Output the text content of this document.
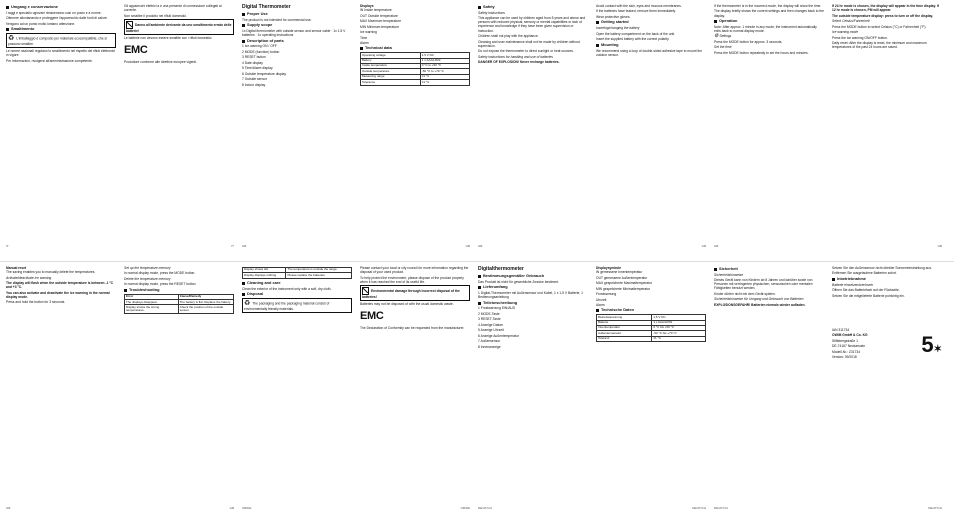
Umgang e conservazione

I raggi e speciallo ogiovani rimaneranno così un posto e a norme.

Ottenere allontanando e proteggere l'apparecchio dalle fonti di calore.

Vengono ad un punto molto lontano attenzione.

Smaltimento
♻ L'imballaggio è composto per materiale ecocompatibile, che si possono smaltire.

Le norme nazionali regolano lo smaltimento nel rispetto dei rifiuti elettronici in vigore.

Per informazioni, rivolgersi all'amministrazione competente.

IT

Gli apparecchi elettrici a e una presente di connessione collegati al corrente.

Non smaltire il prodotto nei rifiuti domestici.

Danno all'ambiente derivante da uno smaltimento errato delle batterie!

Le batterie non devono essere smaltite con i rifiuti domestici.

EMC

Produttore conforme alle direttive europee vigenti.

IT
Digital Thermometer
Proper Use

The product is not intended for commercial use.

Supply scope

1x Digital thermometer with outside sensor and sensor cable · 1x 1.5 V batteries · 1x operating instructions

Description of parts

1 Ice warning ON / OFF

2 MODE (function) button

3 RESET button

4 Date display

5 Time/Alarm display

6 Outside temperature display

7 Outside sensor

8 Indoor display

GB
Displays

IN Inside temperature

OUT Outside temperature

MAX Maximum temperature

MIN Minimum temperature

Ice warning

Time

Alarm

Technical data
Operating voltage	1.5 V DC
Battery	1 x AAA/LR03
Inside temperature	0 °C to +50 °C
Outside temperature	-50 °C to +70 °C
Measuring range	±1 °C
Tolerance	±1 °C
GB
Safety

Safety instructions

This appliance can be used by children aged from 8 years and above and persons with reduced physical, sensory or mental capabilities or lack of experience and knowledge if they have been given supervision or instruction.

Children shall not play with the appliance.

Cleaning and user maintenance shall not be made by children without supervision.

Do not expose the thermometer to direct sunlight or heat sources.

Safety instructions for handling and use of batteries

DANGER OF EXPLOSION! Never recharge batteries.

GB

Avoid contact with the skin, eyes and mucous membranes.

If the batteries have leaked, remove them immediately.

Wear protective gloves.

Getting started

Inserting/changing the battery

Open the battery compartment on the back of the unit.

Insert the supplied battery with the correct polarity.

Mounting

We recommend using a loop of double-sided adhesive tape to mount the outdoor sensor.

GB

If the thermometer is in the incorrect mode, the display will show the time.

The display briefly shows the current settings and then changes back to the display.

Operation

Note: After approx. 1 minute in any mode, the instrument automatically exits back to normal display mode.

⚙ Settings

Press the MODE button for approx. 3 seconds.

Set the time

Press the MODE button repeatedly to set the hours and minutes.

GB

If 24 hr mode is chosen, the display will appear in the time display. If 12 hr mode is chosen, PM will appear.

The outside temperature display: press to turn or off the display.

Select Celsius/Fahrenheit

Press the MODE button to select Celsius (°C) or Fahrenheit (°F).

Ice warning mode

Press the ice warning ON/OFF button.

Daily reset: After the display is reset, the minimum and maximum temperatures of the past 24 hours are saved.

GB
Manual reset

The saving enables you to manually delete the temperatures.

Activate/deactivate ice warning

The display will flash when the outside temperature is between -1 °C and +3 °C.

You can also activate and deactivate the ice warning in the normal display mode.

Press and hold the button for 3 seconds.

GB

Set up the temperature memory

In normal display mode, press the MODE button.

Delete the temperature memory

In normal display mode, press the RESET button.

Troubleshooting
Error	Cause/Remedy
The displays disappear.	The battery is flat. Replace the battery.
Display shows the wrong temperatures.	Check the position of the outside sensor.
GB
Display shows HH	The temperature is outside the range.
Display displays nothing	Please replace the batteries.
Cleaning and care

Clean the exterior of the instrument only with a soft, dry cloth.

Disposal
♻ The packaging and the packaging material consist of environmentally friendly materials.
GB/DE

Please contact your local or city council for more information regarding the disposal of your used product.

To help protect the environment, please dispose of the product properly when it has reached the end of its useful life.

Environmental damage through incorrect disposal of the batteries!

Batteries may not be disposed of with the usual domestic waste.

EMC

The Declaration of Conformity can be requested from the manufacturer.

GB/DE
Digitalthermometer
Bestimmungsgemäßer Gebrauch

Das Produkt ist nicht für gewerbliche Zwecke bestimmt.

Lieferumfang

1 Digital-Thermometer mit Außensensor und Kabel, 1 x 1,5 V Batterie, 1 Bedienungsanleitung

Teilebeschreibung

1 Frostwarnung EIN/AUS

2 MODE-Taste

3 RESET-Taste

4 Anzeige Datum

5 Anzeige Uhrzeit

6 Anzeige Außentemperatur

7 Außensensor

8 Innenanzeige

DE/AT/CH
Displaysymbole

IN gemessene Innentemperatur

OUT gemessene Außentemperatur

MAX gespeicherte Maximaltemperatur

MIN gespeicherte Minimaltemperatur

Frostwarnung

Uhrzeit

Alarm

Technische Daten
Betriebsspannung	1,5 V DC
Batterie	1 x AAA/LR03
Innentemperatur	0 °C bis +50 °C
Außentemperatur	-50 °C bis +70 °C
Toleranz	±1 °C
DE/AT/CH
Sicherheit

Sicherheitshinweise

Dieses Gerät kann von Kindern ab 8 Jahren und darüber sowie von Personen mit verringerten physischen, sensorischen oder mentalen Fähigkeiten benutzt werden.

Kinder dürfen nicht mit dem Gerät spielen.

Sicherheitshinweise für Umgang und Gebrauch von Batterien

EXPLOSIONSGEFAHR! Batterien niemals wieder aufladen.

DE/AT/CH

Setzen Sie den Außensensor nicht direkter Sonneneinstrahlung aus.

Entfernen Sie ausgelaufene Batterien sofort.

Inbetriebnahme

Batterie einsetzen/wechseln

Öffnen Sie das Batteriefach auf der Rückseite.

Setzen Sie die mitgelieferte Batterie polrichtig ein.

IAN 311734

OWIM GmbH & Co. KG

Stiftsbergstraße 1

DE-74167 Neckarsulm

Modell-Nr.: Z31734

Version: 09/2018

5✶
DE/AT/CH
